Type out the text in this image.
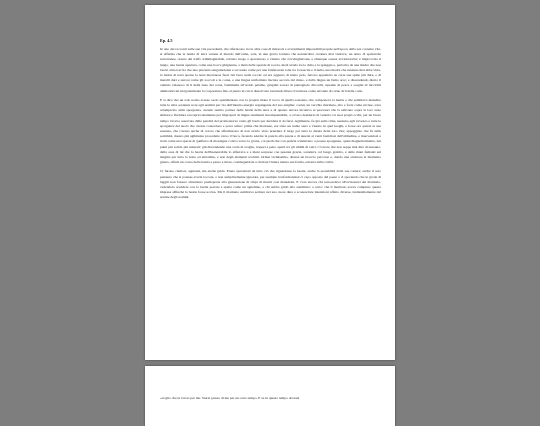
Ep. 4.5

In uno dei racconti sulle sue vite precedenti, che riferiscono tra le altre cose di miracoli e avvenimenti impossibili proprie nell'epoca della sua corrente vita, si afferma che la bestia di terra venuta al mondo dall'orme, sola, in una grotta lontana che nessun'altra creatura mai visitava; un antro di spelonche sotterranee, ornato del traffo irimmaginabile, robusto luogo e spaventoso e vissuto che s'avvinghiavano a chiunque osasse avvicinarvisi; è improvvisa il lungo, una bestia apertura, come una bocca ghignante, a metà delle sponde di roccia, metà strada tra la cima e la spiaggia e, partorita da una madre che non lasciò altra traccia che una placenta sanguinolenta e scrostata come per una fanfaronata tolta tra la nascita e il nulla, una madre che nessuno mai ebbe vista, la bestia di terra sperse la testa mostruosa fuori dal buco nella roccia: ed era agguato di irsuto pelo, ferroso appuntato su certe sue spine più dure, e di metalli duri e terrosi come gli zoccoli e le corna, e una lingua uniformata lisciata seccata dal muso, e dalla lingua un fumo acre; e discendendo dietro il cumulo velenoso di lì della base del costa, frammenti all'orrido pelame, grugniti sonori di pantagnole d'uccelli, squame di pesce e scaglie di luccichii ammonticcati irregolarmente la corporatura fino al punto in cui si dissolvono lasciando libero il tremore come un'onda di carne di lì della coda.

E si dice che un solo uomo avesse osato sperimentare con la propria mano il tocco di quella sostanza, che componeva la bestia e che sembrava maledire tutte le altre sostanze note agli uomini per via dell'interna energia respingente del suo enigma: costui, un vecchio marinaio, alto e forte come un bue, s'era arrampicato sulla sporgenza, avendo sentito parlare della bestia della terra e di quanto terrore incuteva ai pescatori che la salivano sopra le loro teste sibilare e fischiare raccapricciatamente per improperi di lingue strumenti incomprensibili, a ovvero desiderio di vederla coi suoi propri occhi, per un breve tempo l'aveva osservata dalle pendici del promontorio: tanto gli bastò per decidere il da farsi. Agilmente, fu già sulla cima, nessuno egli avvezzo e tutte le sporgenze del suolo che avesse conosciuto e poter salire: prima che mariasse, era stato un uomo sano e vissuto in quei luoghi, e fosse ora questa la sua essenza, che c'erano anche di coloro che affermarono di non averlo visto prendere il largo per tutta la durata della loro vita; appoggiato che fu sulla sommità, mezzo più agilmente procedette verso il buco, facendo aderire la pancia alla parete e di tenersi ai venti fastidiosi dell'altitudine, e muovendosi a tratti come una specie di gambero di montagna colava verso la grotta, coi piedi che con perizia s'andavano a posare sporgenze, quasi magneticamente, nei punti più solidi, più naturali: giù discendendo una scala di scaglie, trapezi a petto aperti tra gli ultimi di vetri, i l'orrore che non seppe mai dire di nessuno, dalla ossa di lui che la bestia dell'inenarrabile lo afferrava e a mani sorprese con pesante grazia, scendeva col lungo gomito, e delle mani fumanti sul magma per tutta la notte ad entrambe, e non degli elementi scaltriti. Ormai vicinissimo, distese un braccio percorse e, dando una strattone al momento giusto, offerti un corno della bestia a passo e ritrae, costringendola a rivelare l'intera natura sua forma, estratta dalla cavità.

Ci furono clamori, applausi, ma anche grida. Erano spaventati da tutto ciò che riguardasse la bestia, anche la possibilità della sua cattura; anche il solo pensiero che si potesse averla toccata, o non semplicemente ignorata, per esempio trasformandosi ci capo opposto del paese o ci spostando che le grotte di laggiù non fossero altrettanto predisposte alla generazione di stirpi di mostri così maledette. E c'era ancora chi retrocedeva all'avvizzarsi del marinaio, vedendolo scendere con la bestia portata a spalla come un agnellino, e chi subito gridò allo sterminio: a certo: che il marinaio aveva compiuto questa impresa affinché la bestia fosse uccisa. Ma il marinaio sembrava serbare nel suo cuore dure e sconosciute intenzioni affatto diverse, lentissimamente dal sentire degli uomini.

«voglio che tu lavori per me. Starai presso di me per un certo tempo. E se in questo tempo dovessi
